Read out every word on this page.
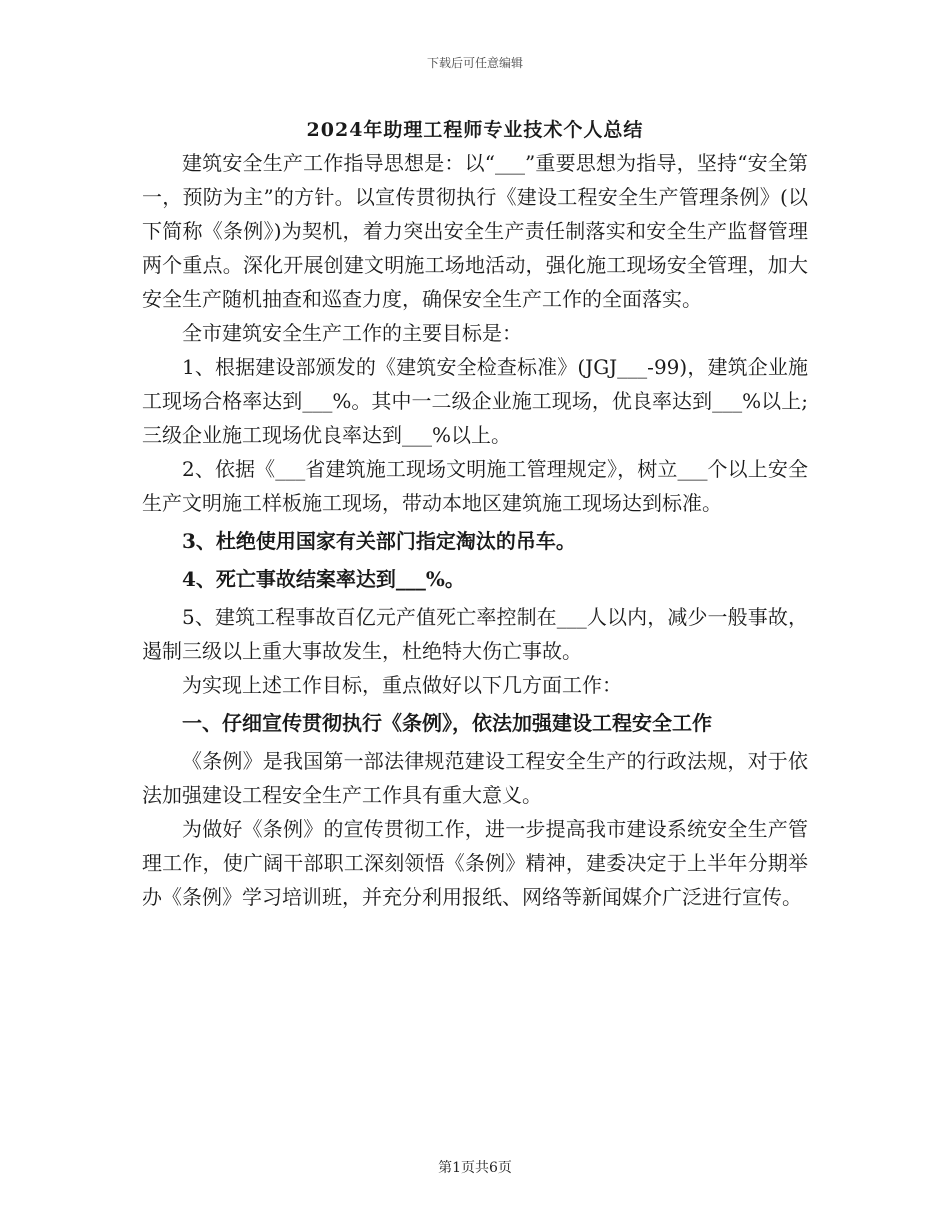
下载后可任意编辑
2024年助理工程师专业技术个人总结

建筑安全生产工作指导思想是：以“___”重要思想为指导，坚持“安全第一，预防为主”的方针。以宣传贯彻执行《建设工程安全生产管理条例》(以下简称《条例》)为契机，着力突出安全生产责任制落实和安全生产监督管理两个重点。深化开展创建文明施工场地活动，强化施工现场安全管理，加大安全生产随机抽查和巡查力度，确保安全生产工作的全面落实。

全市建筑安全生产工作的主要目标是：

1、根据建设部颁发的《建筑安全检查标准》(JGJ___-99)，建筑企业施工现场合格率达到___%。其中一二级企业施工现场，优良率达到___%以上;三级企业施工现场优良率达到___%以上。

2、依据《___省建筑施工现场文明施工管理规定》，树立___个以上安全生产文明施工样板施工现场，带动本地区建筑施工现场达到标准。

3、杜绝使用国家有关部门指定淘汰的吊车。

4、死亡事故结案率达到___%。

5、建筑工程事故百亿元产值死亡率控制在___人以内，减少一般事故，遏制三级以上重大事故发生，杜绝特大伤亡事故。

为实现上述工作目标，重点做好以下几方面工作：

一、仔细宣传贯彻执行《条例》，依法加强建设工程安全工作

《条例》是我国第一部法律规范建设工程安全生产的行政法规，对于依法加强建设工程安全生产工作具有重大意义。

为做好《条例》的宣传贯彻工作，进一步提高我市建设系统安全生产管理工作，使广阔干部职工深刻领悟《条例》精神，建委决定于上半年分期举办《条例》学习培训班，并充分利用报纸、网络等新闻媒介广泛进行宣传。

第1页共6页
